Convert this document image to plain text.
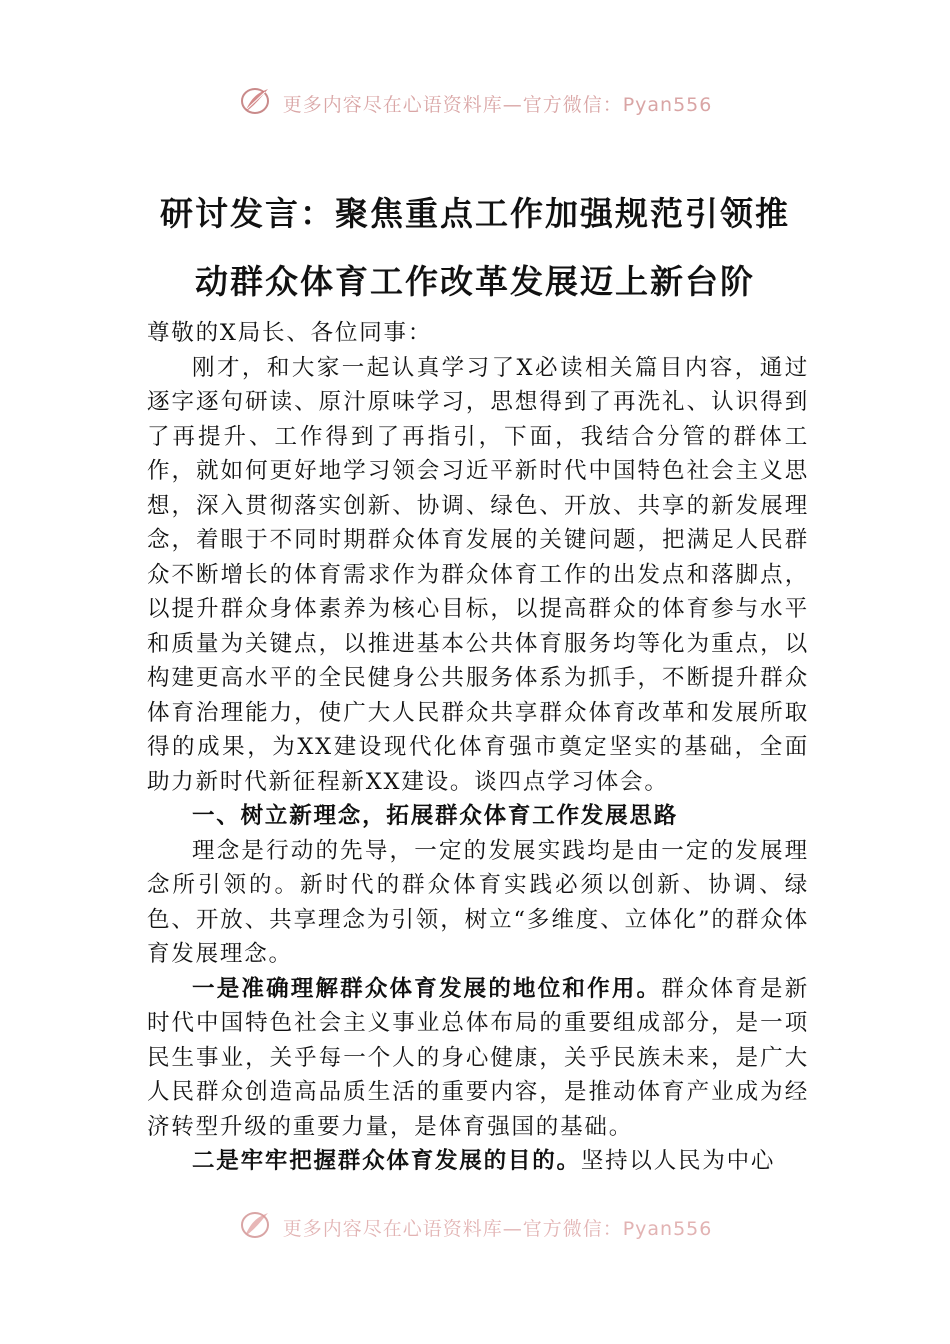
更多内容尽在心语资料库—官方微信：Pyan556
研讨发言：聚焦重点工作加强规范引领推
动群众体育工作改革发展迈上新台阶

尊敬的X局长、各位同事：

刚才，和大家一起认真学习了X必读相关篇目内容，通过逐字逐句研读、原汁原味学习，思想得到了再洗礼、认识得到了再提升、工作得到了再指引，下面，我结合分管的群体工作，就如何更好地学习领会习近平新时代中国特色社会主义思想，深入贯彻落实创新、协调、绿色、开放、共享的新发展理念，着眼于不同时期群众体育发展的关键问题，把满足人民群众不断增长的体育需求作为群众体育工作的出发点和落脚点，以提升群众身体素养为核心目标，以提高群众的体育参与水平和质量为关键点，以推进基本公共体育服务均等化为重点，以构建更高水平的全民健身公共服务体系为抓手，不断提升群众体育治理能力，使广大人民群众共享群众体育改革和发展所取得的成果，为XX建设现代化体育强市奠定坚实的基础，全面助力新时代新征程新XX建设。谈四点学习体会。

一、树立新理念，拓展群众体育工作发展思路

理念是行动的先导，一定的发展实践均是由一定的发展理念所引领的。新时代的群众体育实践必须以创新、协调、绿色、开放、共享理念为引领，树立“多维度、立体化”的群众体育发展理念。

一是准确理解群众体育发展的地位和作用。群众体育是新时代中国特色社会主义事业总体布局的重要组成部分，是一项民生事业，关乎每一个人的身心健康，关乎民族未来，是广大人民群众创造高品质生活的重要内容，是推动体育产业成为经济转型升级的重要力量，是体育强国的基础。

二是牢牢把握群众体育发展的目的。坚持以人民为中心

更多内容尽在心语资料库—官方微信：Pyan556
